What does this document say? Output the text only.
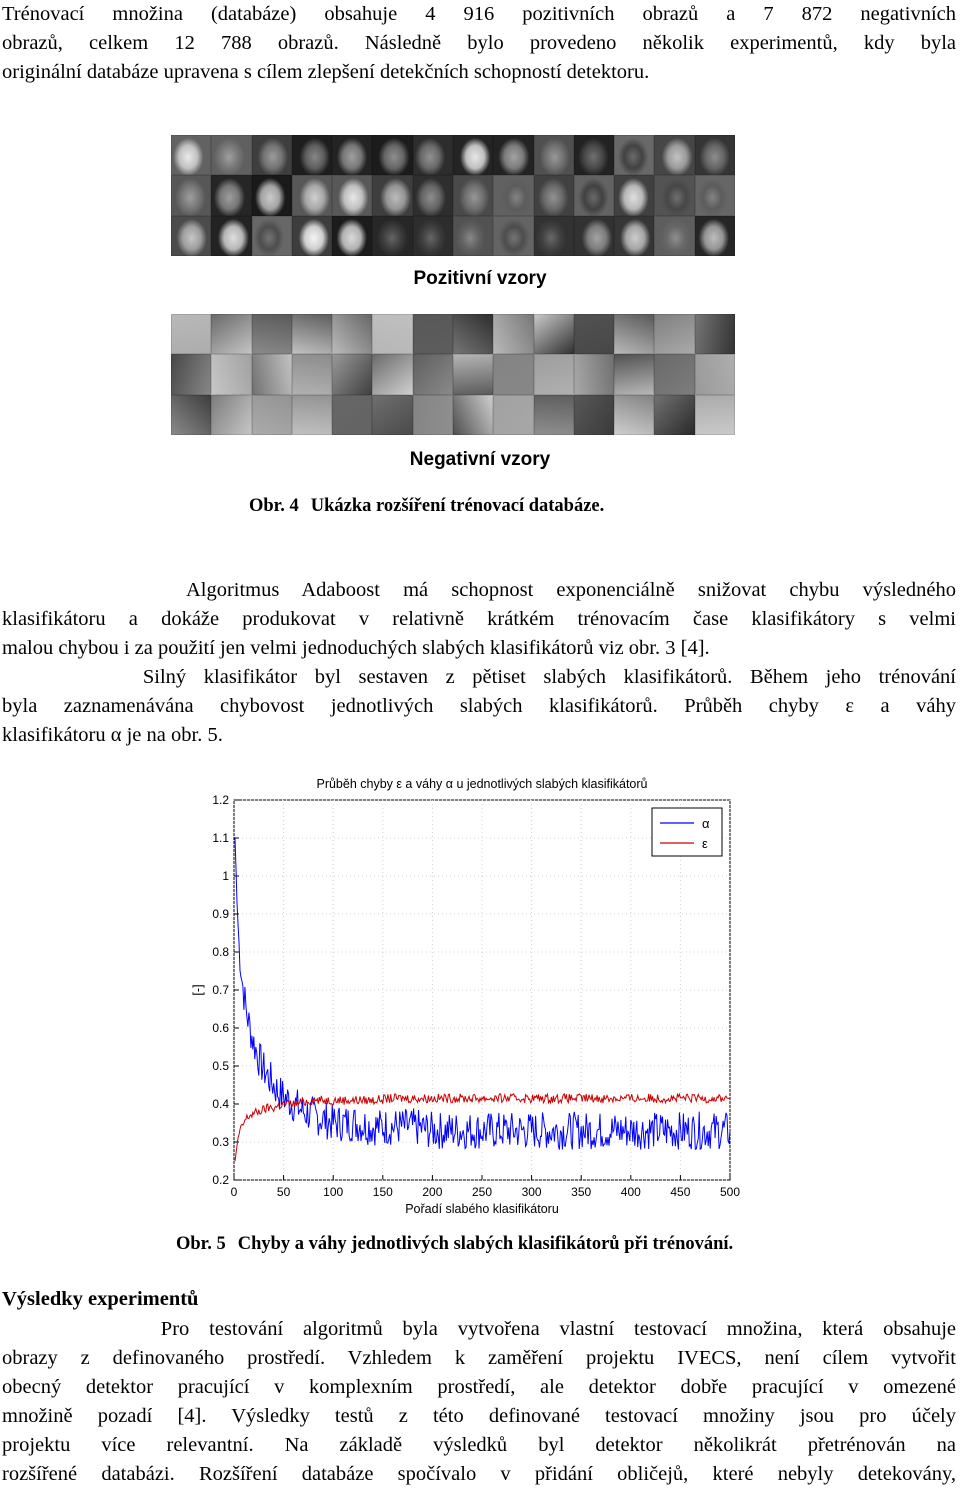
Trénovací množina (databáze) obsahuje 4 916 pozitivních obrazů a 7 872 negativních
obrazů, celkem 12 788 obrazů. Následně bylo provedeno několik experimentů, kdy byla
originální databáze upravena s cílem zlepšení detekčních schopností detektoru.
Pozitivní vzory
Negativní vzory
Obr. 4 Ukázka rozšíření trénovací databáze.
Algoritmus Adaboost má schopnost exponenciálně snižovat chybu výsledného
klasifikátoru a dokáže produkovat v relativně krátkém trénovacím čase klasifikátory s velmi
malou chybou i za použití jen velmi jednoduchých slabých klasifikátorů viz obr. 3 [4].
Silný klasifikátor byl sestaven z pětiset slabých klasifikátorů. Během jeho trénování
byla zaznamenávána chybovost jednotlivých slabých klasifikátorů. Průběh chyby ε a váhy
klasifikátoru α je na obr. 5.
0	50	100 150 200 250 300 350 400 450 500
0.2
0.3
0.4
0.5
0.6
0.7
0.8
0.9
1
1.1
1.2
Průběh chyby ε a váhy α u jednotlivých slabých klasifikátorů
Pořadí slabého klasifikátoru
[-]
α
ε
Obr. 5 Chyby a váhy jednotlivých slabých klasifikátorů při trénování.
Výsledky experimentů
Pro testování algoritmů byla vytvořena vlastní testovací množina, která obsahuje
obrazy z definovaného prostředí. Vzhledem k zaměření projektu IVECS, není cílem vytvořit
obecný detektor pracující v komplexním prostředí, ale detektor dobře pracující v omezené
množině pozadí [4]. Výsledky testů z této definované testovací množiny jsou pro účely
projektu více relevantní. Na základě výsledků byl detektor několikrát přetrénován na
rozšířené databázi. Rozšíření databáze spočívalo v přidání obličejů, které nebyly detekovány,
